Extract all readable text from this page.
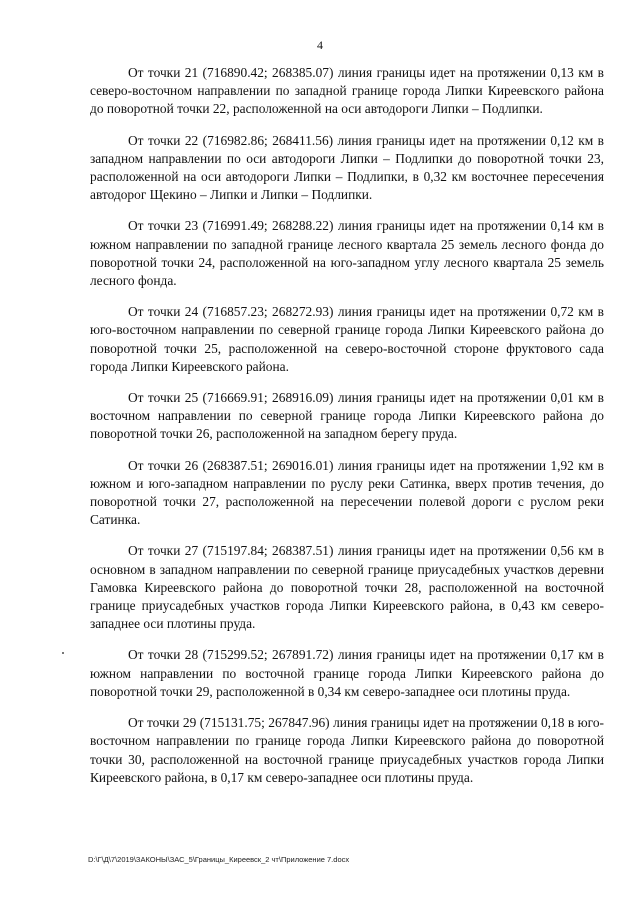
4

От точки 21 (716890.42; 268385.07) линия границы идет на протяжении 0,13 км в северо-восточном направлении по западной границе города Липки Киреевского района до поворотной точки 22, расположенной на оси автодороги Липки – Подлипки.

От точки 22 (716982.86; 268411.56) линия границы идет на протяжении 0,12 км в западном направлении по оси автодороги Липки – Подлипки до поворотной точки 23, расположенной на оси автодороги Липки – Подлипки, в 0,32 км восточнее пересечения автодорог Щекино – Липки и Липки – Подлипки.

От точки 23 (716991.49; 268288.22) линия границы идет на протяжении 0,14 км в южном направлении по западной границе лесного квартала 25 земель лесного фонда до поворотной точки 24, расположенной на юго-западном углу лесного квартала 25 земель лесного фонда.

От точки 24 (716857.23; 268272.93) линия границы идет на протяжении 0,72 км в юго-восточном направлении по северной границе города Липки Киреевского района до поворотной точки 25, расположенной на северо-восточной стороне фруктового сада города Липки Киреевского района.

От точки 25 (716669.91; 268916.09) линия границы идет на протяжении 0,01 км в восточном направлении по северной границе города Липки Киреевского района до поворотной точки 26, расположенной на западном берегу пруда.

От точки 26 (268387.51; 269016.01) линия границы идет на протяжении 1,92 км в южном и юго-западном направлении по руслу реки Сатинка, вверх против течения, до поворотной точки 27, расположенной на пересечении полевой дороги с руслом реки Сатинка.

От точки 27 (715197.84; 268387.51) линия границы идет на протяжении 0,56 км в основном в западном направлении по северной границе приусадебных участков деревни Гамовка Киреевского района до поворотной точки 28, расположенной на восточной границе приусадебных участков города Липки Киреевского района, в 0,43 км северо-западнее оси плотины пруда.

От точки 28 (715299.52; 267891.72) линия границы идет на протяжении 0,17 км в южном направлении по восточной границе города Липки Киреевского района до поворотной точки 29, расположенной в 0,34 км северо-западнее оси плотины пруда.

От точки 29 (715131.75; 267847.96) линия границы идет на протяжении 0,18 в юго-восточном направлении по границе города Липки Киреевского района до поворотной точки 30, расположенной на восточной границе приусадебных участков города Липки Киреевского района, в 0,17 км северо-западнее оси плотины пруда.

D:\Г\Д\7\2019\ЗАКОНЫ\ЗАС_5\Границы_Киреевск_2 чт\Приложение 7.docx
